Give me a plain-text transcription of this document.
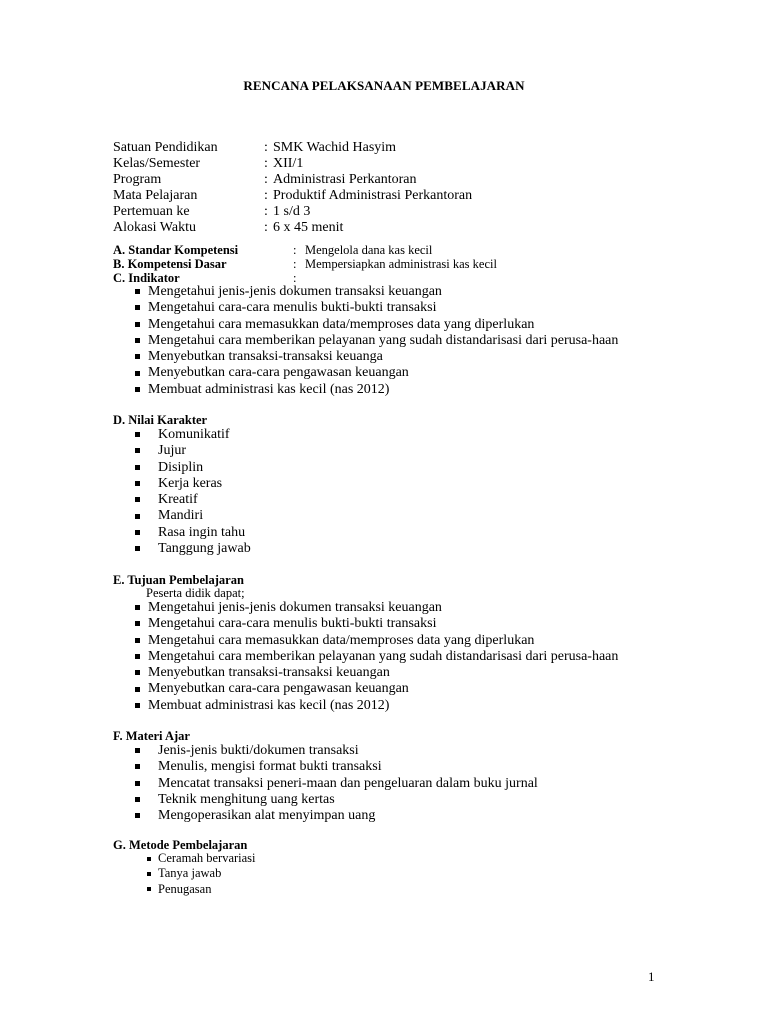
RENCANA PELAKSANAAN PEMBELAJARAN
Satuan Pendidikan	: SMK Wachid Hasyim
Kelas/Semester	: XII/1
Program	: Administrasi Perkantoran
Mata Pelajaran	: Produktif Administrasi Perkantoran
Pertemuan ke	: 1 s/d 3
Alokasi Waktu	: 6 x 45 menit
A. Standar Kompetensi	: Mengelola dana kas kecil
B. Kompetensi Dasar	: Mempersiapkan administrasi kas kecil
C. Indikator	:
Mengetahui jenis-jenis dokumen transaksi keuangan
Mengetahui cara-cara menulis bukti-bukti transaksi
Mengetahui cara memasukkan data/memproses data yang diperlukan
Mengetahui cara memberikan pelayanan yang sudah distandarisasi dari perusa-haan
Menyebutkan transaksi-transaksi keuanga
Menyebutkan cara-cara pengawasan keuangan
Membuat administrasi kas kecil (nas 2012)
D. Nilai Karakter
Komunikatif
Jujur
Disiplin
Kerja keras
Kreatif
Mandiri
Rasa ingin tahu
Tanggung jawab
E. Tujuan Pembelajaran
Peserta didik dapat;
Mengetahui jenis-jenis dokumen transaksi keuangan
Mengetahui cara-cara menulis bukti-bukti transaksi
Mengetahui cara memasukkan data/memproses data yang diperlukan
Mengetahui cara memberikan pelayanan yang sudah distandarisasi dari perusa-haan
Menyebutkan transaksi-transaksi keuangan
Menyebutkan cara-cara pengawasan keuangan
Membuat administrasi kas kecil (nas 2012)
F. Materi Ajar
Jenis-jenis bukti/dokumen transaksi
Menulis, mengisi format bukti transaksi
Mencatat transaksi peneri-maan dan pengeluaran dalam buku jurnal
Teknik menghitung uang kertas
Mengoperasikan alat menyimpan uang
G. Metode Pembelajaran
Ceramah bervariasi
Tanya jawab
Penugasan
1
